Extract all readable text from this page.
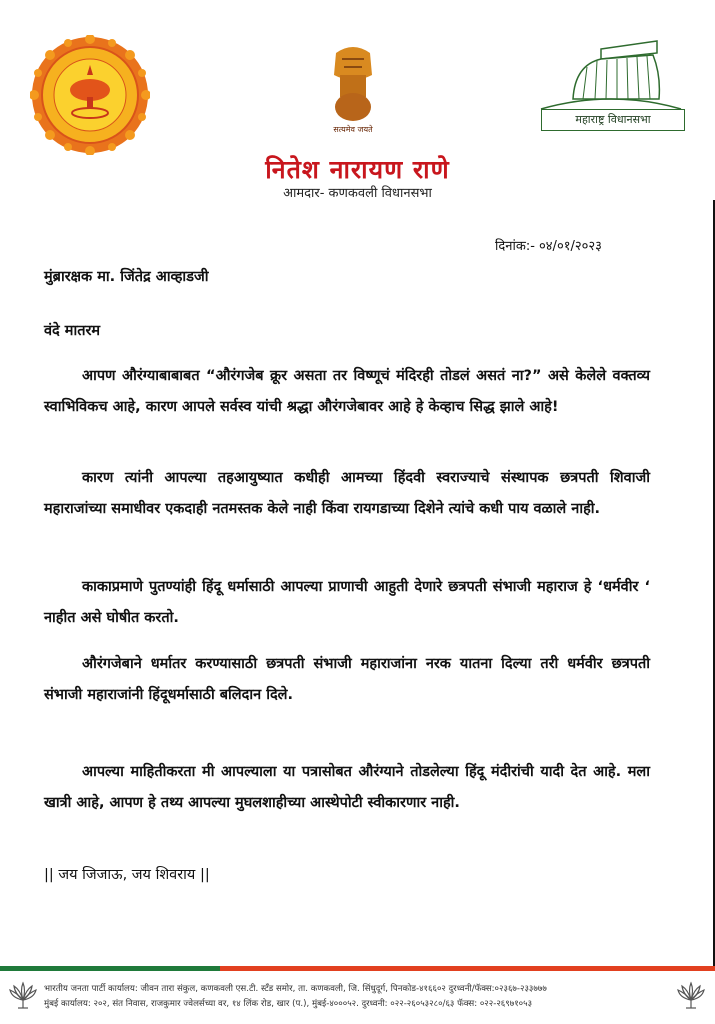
सत्यमेव जयते
महाराष्ट्र विधानसभा
नितेश नारायण राणे
आमदार- कणकवली विधानसभा
दिनांक:- ०४/०१/२०२३
मुंब्रारक्षक मा. जिंतेद्र आव्हाडजी
वंदे मातरम
आपण औरंग्याबाबाबत “औरंगजेब क्रूर असता तर विष्णूचं मंदिरही तोडलं असतं ना?” असे केलेले वक्तव्य स्वाभिविकच आहे, कारण आपले सर्वस्व यांची श्रद्धा औरंगजेबावर आहे हे केव्हाच सिद्ध झाले आहे!
कारण त्यांनी आपल्या तहआयुष्यात कधीही आमच्या हिंदवी स्वराज्याचे संस्थापक छत्रपती शिवाजी महाराजांच्या समाधीवर एकदाही नतमस्तक केले नाही किंवा रायगडाच्या दिशेने त्यांचे कधी पाय वळाले नाही.
काकाप्रमाणे पुतण्यांही हिंदू धर्मासाठी आपल्या प्राणाची आहुती देणारे छत्रपती संभाजी महाराज हे ‘धर्मवीर ‘ नाहीत असे घोषीत करतो.
औरंगजेबाने धर्मातर करण्यासाठी छत्रपती संभाजी महाराजांना नरक यातना दिल्या तरी धर्मवीर छत्रपती संभाजी महाराजांनी हिंदूधर्मासाठी बलिदान दिले.
आपल्या माहितीकरता मी आपल्याला या पत्रासोबत औरंग्याने तोडलेल्या हिंदू मंदीरांची यादी देत आहे. मला खात्री आहे, आपण हे तथ्य आपल्या मुघलशाहीच्या आस्थेपोटी स्वीकारणार नाही.
|| जय जिजाऊ, जय शिवराय ||
भारतीय जनता पार्टी कार्यालय: जीवन तारा संकुल, कणकवली एस.टी. स्टॅंड समोर, ता. कणकवली, जि. सिंधुदूर्ग, पिनकोड-४१६६०२ दुरध्वनी/फॅक्स:०२३६७-२३३७७७
मुंबई कार्यालय: २०२, संत निवास, राजकुमार ज्वेलर्सच्या वर, १४ लिंक रोड, खार (प.), मुंबई-४०००५२. दुरध्वनी: ०२२-२६०५३२८०/६३ फॅक्स: ०२२-२६९७१०५३
